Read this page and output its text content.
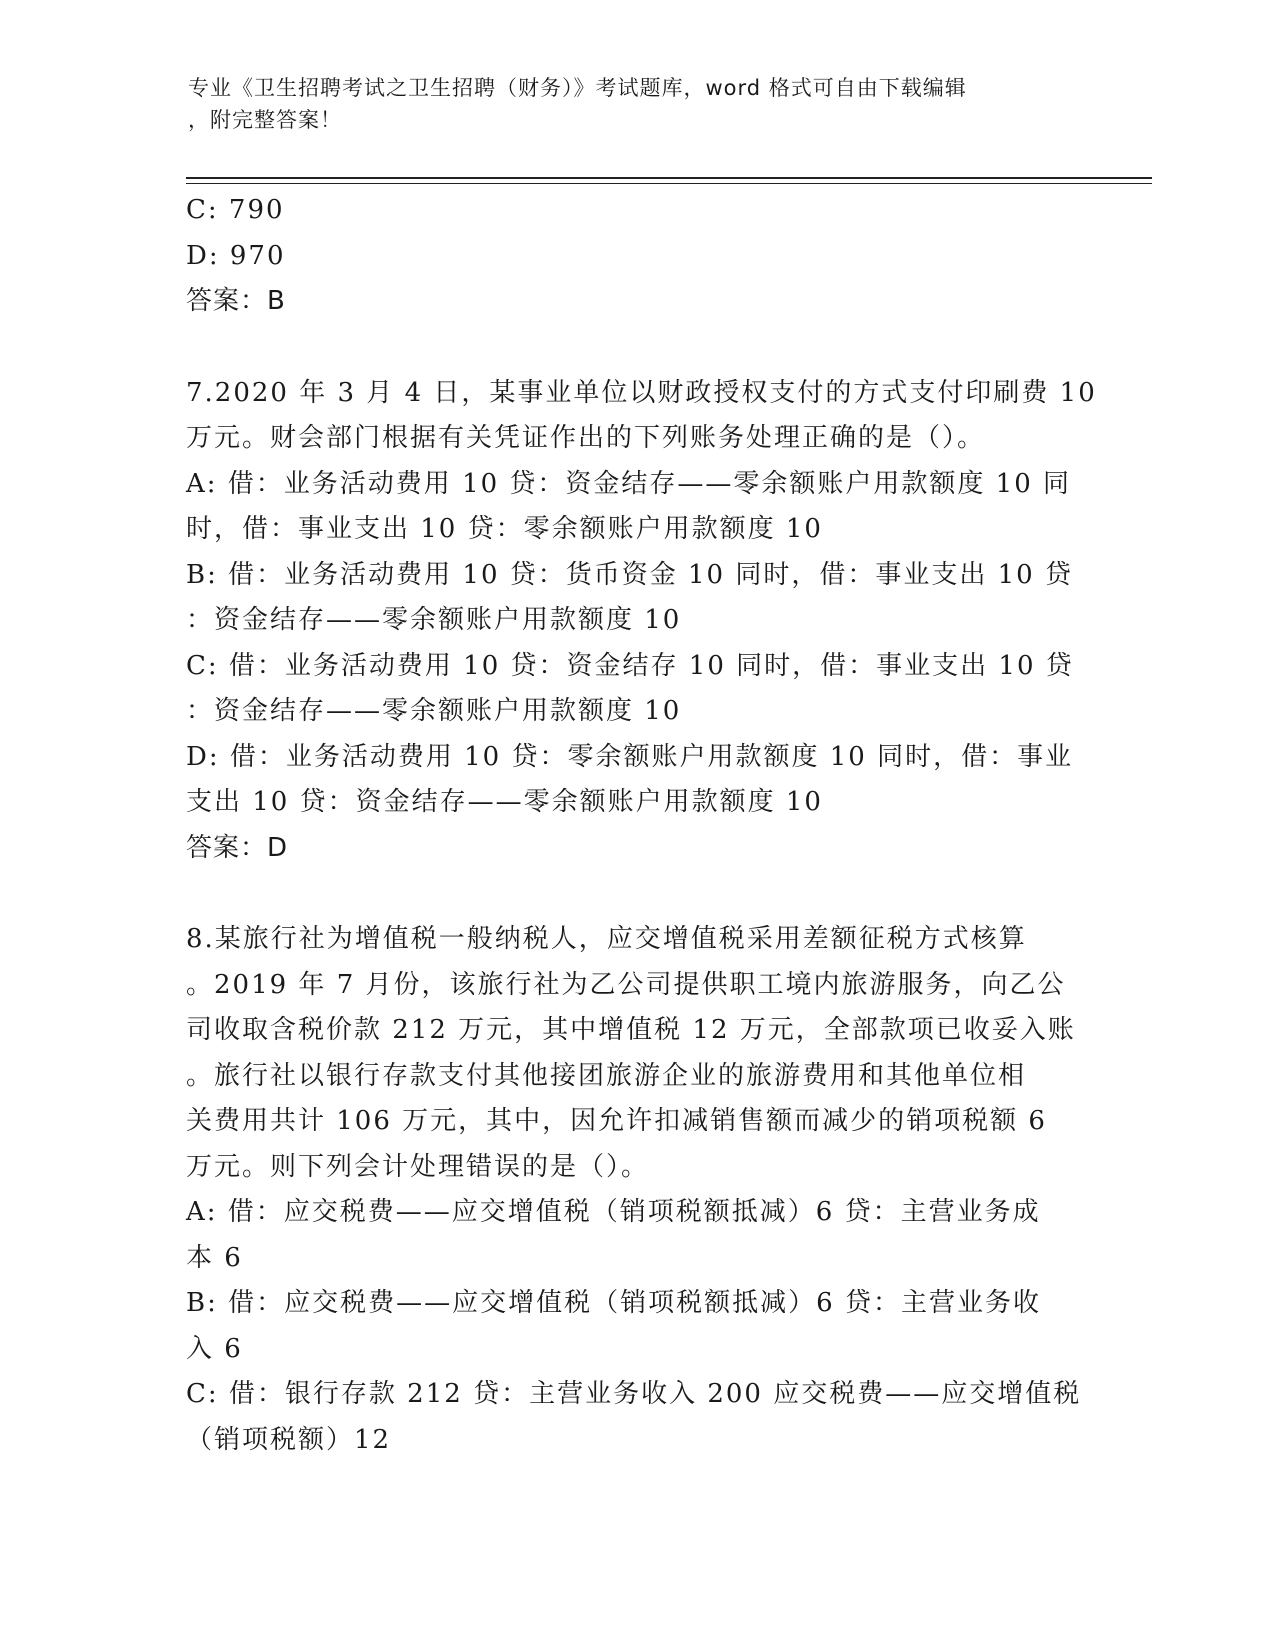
专业《卫生招聘考试之卫生招聘（财务）》考试题库，word 格式可自由下载编辑
，附完整答案！
C: 790
D: 970
答案：B
7.2020 年 3 月 4 日，某事业单位以财政授权支付的方式支付印刷费 10
万元。财会部门根据有关凭证作出的下列账务处理正确的是（）。
A: 借：业务活动费用 10 贷：资金结存——零余额账户用款额度 10 同
时，借：事业支出 10 贷：零余额账户用款额度 10
B: 借：业务活动费用 10 贷：货币资金 10 同时，借：事业支出 10 贷
：资金结存——零余额账户用款额度 10
C: 借：业务活动费用 10 贷：资金结存 10 同时，借：事业支出 10 贷
：资金结存——零余额账户用款额度 10
D: 借：业务活动费用 10 贷：零余额账户用款额度 10 同时，借：事业
支出 10 贷：资金结存——零余额账户用款额度 10
答案：D
8.某旅行社为增值税一般纳税人，应交增值税采用差额征税方式核算
。2019 年 7 月份，该旅行社为乙公司提供职工境内旅游服务，向乙公
司收取含税价款 212 万元，其中增值税 12 万元，全部款项已收妥入账
。旅行社以银行存款支付其他接团旅游企业的旅游费用和其他单位相
关费用共计 106 万元，其中，因允许扣减销售额而减少的销项税额 6
万元。则下列会计处理错误的是（）。
A: 借：应交税费——应交增值税（销项税额抵减）6 贷：主营业务成
本 6
B: 借：应交税费——应交增值税（销项税额抵减）6 贷：主营业务收
入 6
C: 借：银行存款 212 贷：主营业务收入 200 应交税费——应交增值税
（销项税额）12
